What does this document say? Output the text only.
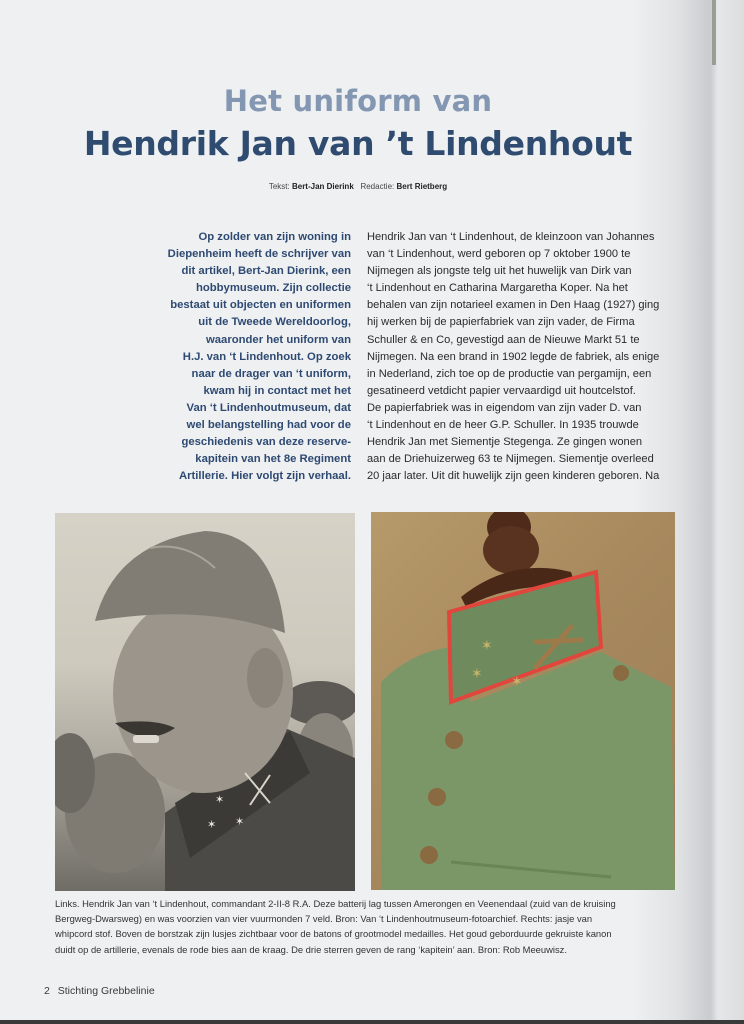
Het uniform van
Hendrik Jan van ’t Lindenhout
Tekst: Bert-Jan Dierink Redactie: Bert Rietberg
Op zolder van zijn woning in
Diepenheim heeft de schrijver van
dit artikel, Bert-Jan Dierink, een
hobbymuseum. Zijn collectie
bestaat uit objecten en uniformen
uit de Tweede Wereldoorlog,
waaronder het uniform van
H.J. van ‘t Lindenhout. Op zoek
naar de drager van ‘t uniform,
kwam hij in contact met het
Van ‘t Lindenhoutmuseum, dat
wel belangstelling had voor de
geschiedenis van deze reserve-
kapitein van het 8e Regiment
Artillerie. Hier volgt zijn verhaal.
Hendrik Jan van ‘t Lindenhout, de kleinzoon van Johannes
van ‘t Lindenhout, werd geboren op 7 oktober 1900 te
Nijmegen als jongste telg uit het huwelijk van Dirk van
‘t Lindenhout en Catharina Margaretha Koper. Na het
behalen van zijn notarieel examen in Den Haag (1927) ging
hij werken bij de papierfabriek van zijn vader, de Firma
Schuller & en Co, gevestigd aan de Nieuwe Markt 51 te
Nijmegen. Na een brand in 1902 legde de fabriek, als enige
in Nederland, zich toe op de productie van pergamijn, een
gesatineerd vetdicht papier vervaardigd uit houtcelstof.
De papierfabriek was in eigendom van zijn vader D. van
‘t Lindenhout en de heer G.P. Schuller. In 1935 trouwde
Hendrik Jan met Siementje Stegenga. Ze gingen wonen
aan de Driehuizerweg 63 te Nijmegen. Siementje overleed
20 jaar later. Uit dit huwelijk zijn geen kinderen geboren. Na
✶
✶ ✶
✶
✶ ✶
Links. Hendrik Jan van ‘t Lindenhout, commandant 2-II-8 R.A. Deze batterij lag tussen Amerongen en Veenendaal (zuid van de kruising
Bergweg-Dwarsweg) en was voorzien van vier vuurmonden 7 veld. Bron: Van ‘t Lindenhoutmuseum-fotoarchief. Rechts: jasje van
whipcord stof. Boven de borstzak zijn lusjes zichtbaar voor de batons of grootmodel medailles. Het goud geborduurde gekruiste kanon
duidt op de artillerie, evenals de rode bies aan de kraag. De drie sterren geven de rang ‘kapitein’ aan. Bron: Rob Meeuwisz.
2 Stichting Grebbelinie
